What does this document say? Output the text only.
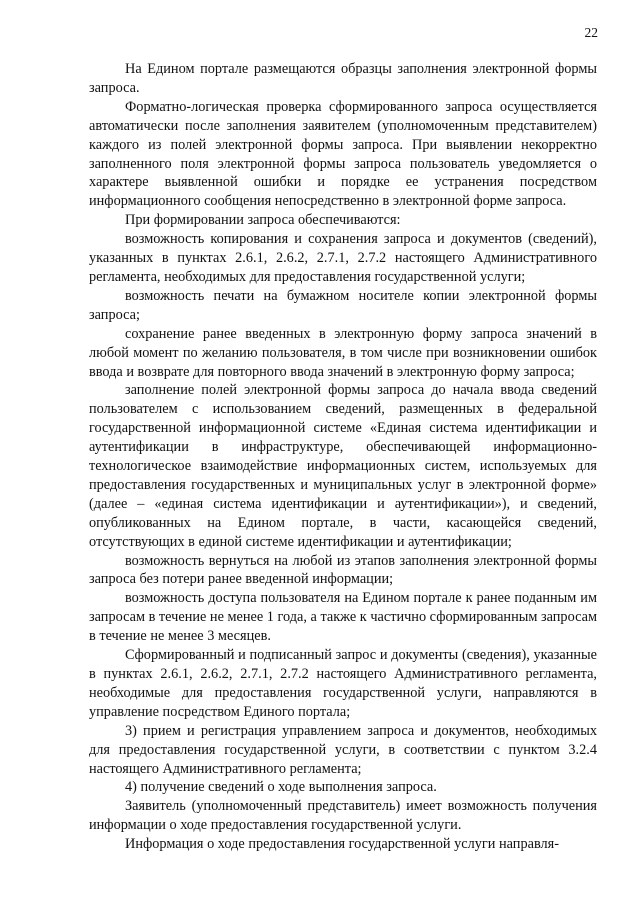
22

На Едином портале размещаются образцы заполнения электронной формы запроса.

Форматно-логическая проверка сформированного запроса осуществляется автоматически после заполнения заявителем (уполномоченным представителем) каждого из полей электронной формы запроса. При выявлении некорректно заполненного поля электронной формы запроса пользователь уведомляется о характере выявленной ошибки и порядке ее устранения посредством информационного сообщения непосредственно в электронной форме запроса.

При формировании запроса обеспечиваются:

возможность копирования и сохранения запроса и документов (сведений), указанных в пунктах 2.6.1, 2.6.2, 2.7.1, 2.7.2 настоящего Административного регламента, необходимых для предоставления государственной услуги;

возможность печати на бумажном носителе копии электронной формы запроса;

сохранение ранее введенных в электронную форму запроса значений в любой момент по желанию пользователя, в том числе при возникновении ошибок ввода и возврате для повторного ввода значений в электронную форму запроса;

заполнение полей электронной формы запроса до начала ввода сведений пользователем с использованием сведений, размещенных в федеральной государственной информационной системе «Единая система идентификации и аутентификации в инфраструктуре, обеспечивающей информационно-технологическое взаимодействие информационных систем, используемых для предоставления государственных и муниципальных услуг в электронной форме» (далее – «единая система идентификации и аутентификации»), и сведений, опубликованных на Едином портале, в части, касающейся сведений, отсутствующих в единой системе идентификации и аутентификации;

возможность вернуться на любой из этапов заполнения электронной формы запроса без потери ранее введенной информации;

возможность доступа пользователя на Едином портале к ранее поданным им запросам в течение не менее 1 года, а также к частично сформированным запросам в течение не менее 3 месяцев.

Сформированный и подписанный запрос и документы (сведения), указанные в пунктах 2.6.1, 2.6.2, 2.7.1, 2.7.2 настоящего Административного регламента, необходимые для предоставления государственной услуги, направляются в управление посредством Единого портала;

3) прием и регистрация управлением запроса и документов, необходимых для предоставления государственной услуги, в соответствии с пунктом 3.2.4 настоящего Административного регламента;

4) получение сведений о ходе выполнения запроса.

Заявитель (уполномоченный представитель) имеет возможность получения информации о ходе предоставления государственной услуги.

Информация о ходе предоставления государственной услуги направля-
